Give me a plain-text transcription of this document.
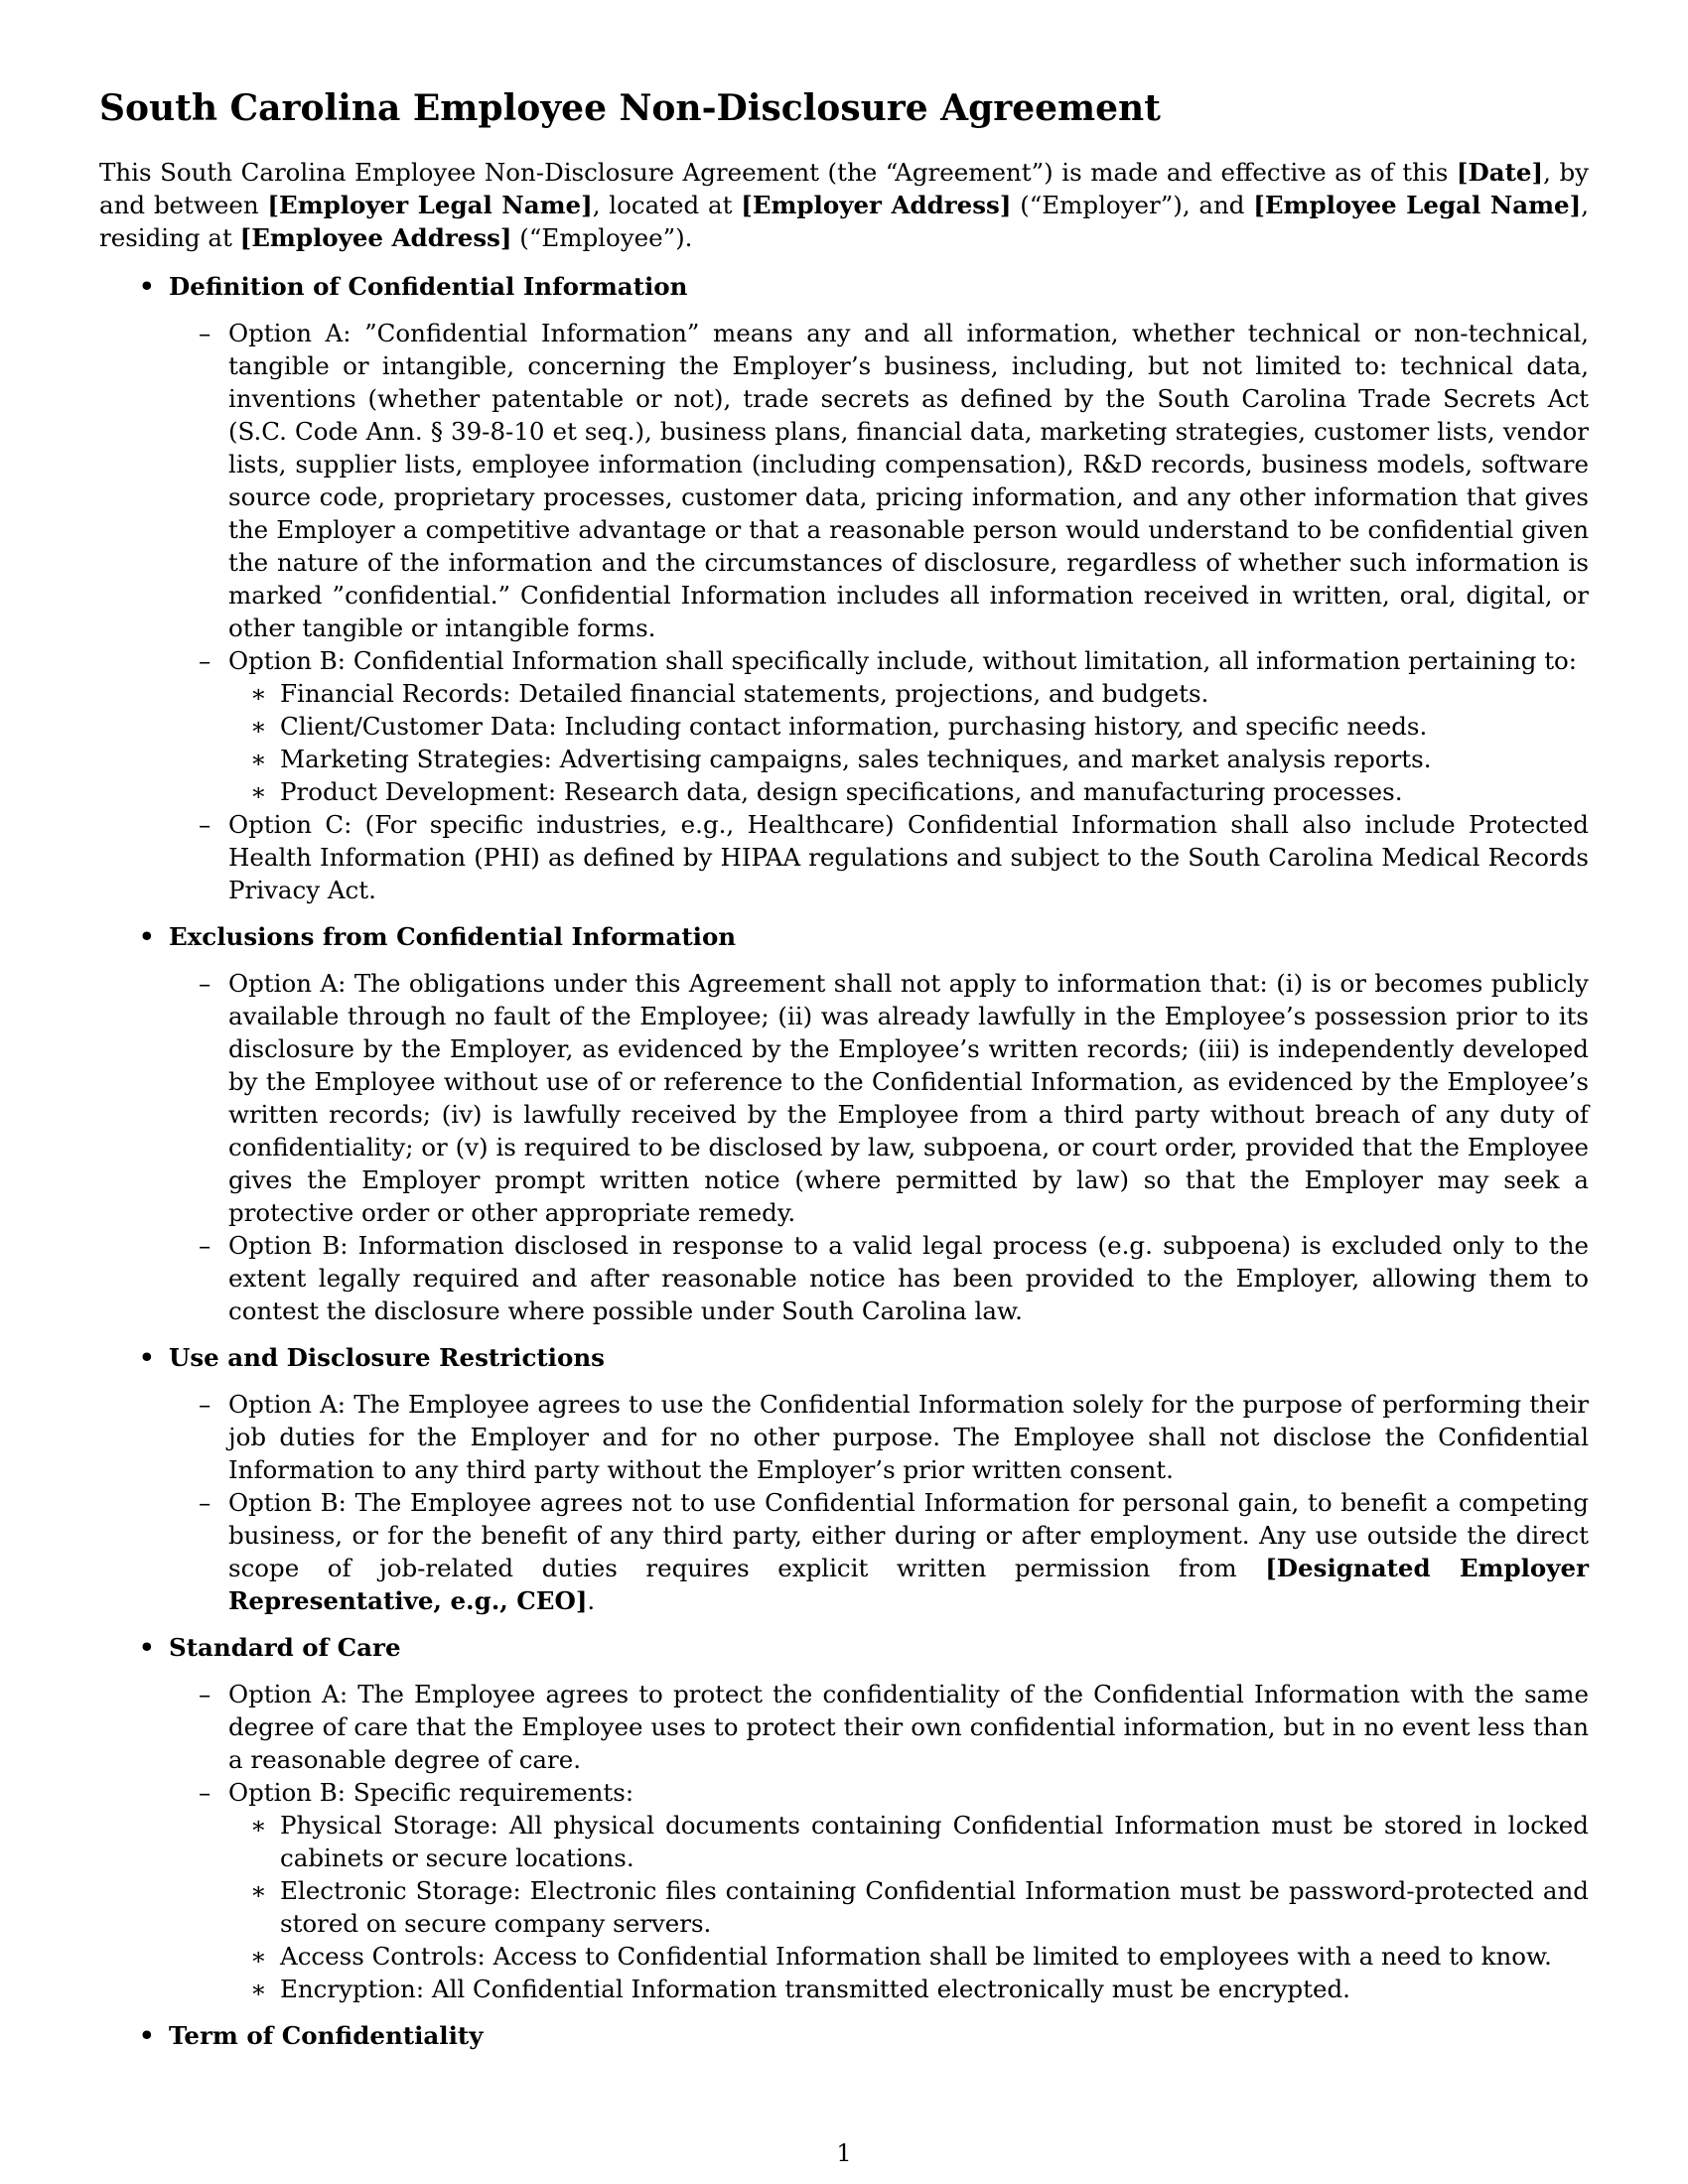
South Carolina Employee Non-Disclosure Agreement

This South Carolina Employee Non-Disclosure Agreement (the “Agreement”) is made and effective as of this [Date], by and between [Employer Legal Name], located at [Employer Address] (“Employer”), and [Employee Legal Name], residing at [Employee Address] (“Employee”).

• Definition of Confidential Information
– Option A: ”Confidential Information” means any and all information, whether technical or non-technical, tangible or intangible, concerning the Employer’s business, including, but not limited to: technical data, inventions (whether patentable or not), trade secrets as defined by the South Carolina Trade Secrets Act (S.C. Code Ann. § 39-8-10 et seq.), business plans, financial data, marketing strategies, customer lists, vendor lists, supplier lists, employee information (including compensation), R&D records, business models, software source code, proprietary processes, customer data, pricing information, and any other information that gives the Employer a competitive advantage or that a reasonable person would understand to be confidential given the nature of the information and the circumstances of disclosure, regardless of whether such information is marked ”confidential.” Confidential Information includes all information received in written, oral, digital, or other tangible or intangible forms.
– Option B: Confidential Information shall specifically include, without limitation, all information pertaining to:
∗ Financial Records: Detailed financial statements, projections, and budgets.
∗ Client/Customer Data: Including contact information, purchasing history, and specific needs.
∗ Marketing Strategies: Advertising campaigns, sales techniques, and market analysis reports.
∗ Product Development: Research data, design specifications, and manufacturing processes.
– Option C: (For specific industries, e.g., Healthcare) Confidential Information shall also include Protected Health Information (PHI) as defined by HIPAA regulations and subject to the South Carolina Medical Records Privacy Act.
• Exclusions from Confidential Information
– Option A: The obligations under this Agreement shall not apply to information that: (i) is or becomes publicly available through no fault of the Employee; (ii) was already lawfully in the Employee’s possession prior to its disclosure by the Employer, as evidenced by the Employee’s written records; (iii) is independently developed by the Employee without use of or reference to the Confidential Information, as evidenced by the Employee’s written records; (iv) is lawfully received by the Employee from a third party without breach of any duty of confidentiality; or (v) is required to be disclosed by law, subpoena, or court order, provided that the Employee gives the Employer prompt written notice (where permitted by law) so that the Employer may seek a protective order or other appropriate remedy.
– Option B: Information disclosed in response to a valid legal process (e.g. subpoena) is excluded only to the extent legally required and after reasonable notice has been provided to the Employer, allowing them to contest the disclosure where possible under South Carolina law.
• Use and Disclosure Restrictions
– Option A: The Employee agrees to use the Confidential Information solely for the purpose of performing their job duties for the Employer and for no other purpose. The Employee shall not disclose the Confidential Information to any third party without the Employer’s prior written consent.
– Option B: The Employee agrees not to use Confidential Information for personal gain, to benefit a competing business, or for the benefit of any third party, either during or after employment. Any use outside the direct scope of job-related duties requires explicit written permission from [Designated Employer Representative, e.g., CEO].
• Standard of Care
– Option A: The Employee agrees to protect the confidentiality of the Confidential Information with the same degree of care that the Employee uses to protect their own confidential information, but in no event less than a reasonable degree of care.
– Option B: Specific requirements:
∗ Physical Storage: All physical documents containing Confidential Information must be stored in locked cabinets or secure locations.
∗ Electronic Storage: Electronic files containing Confidential Information must be password-protected and stored on secure company servers.
∗ Access Controls: Access to Confidential Information shall be limited to employees with a need to know.
∗ Encryption: All Confidential Information transmitted electronically must be encrypted.
• Term of Confidentiality
1
